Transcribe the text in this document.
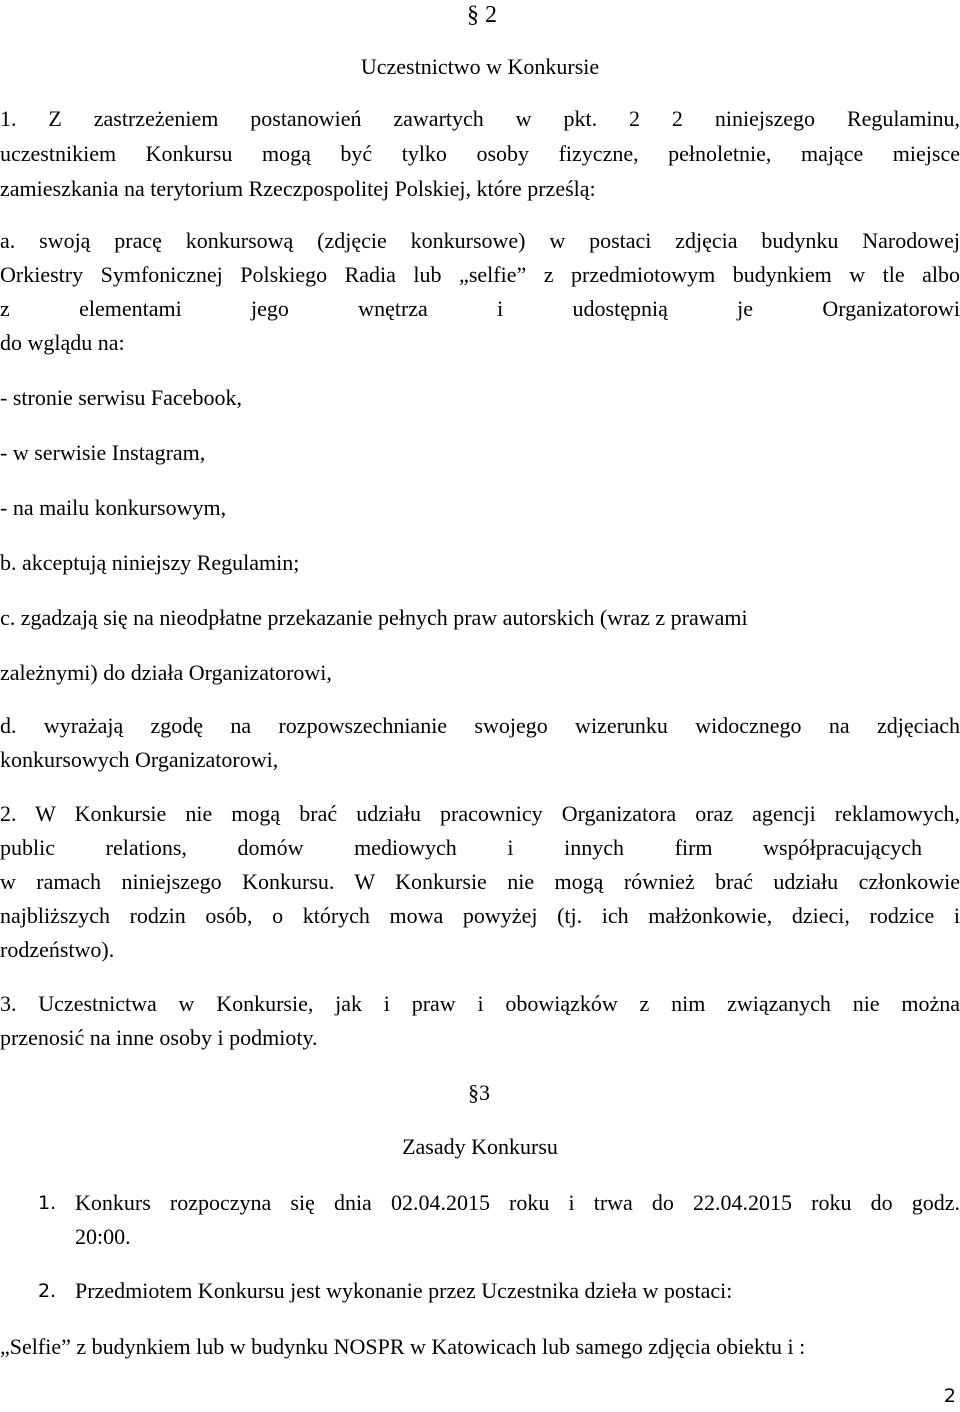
§ 2

Uczestnictwo w Konkursie

1. Z zastrzeżeniem postanowień zawartych w pkt. 2 2 niniejszego Regulaminu,

uczestnikiem Konkursu mogą być tylko osoby fizyczne, pełnoletnie, mające miejsce

zamieszkania na terytorium Rzeczpospolitej Polskiej, które prześlą:

a. swoją pracę konkursową (zdjęcie konkursowe) w postaci zdjęcia budynku Narodowej

Orkiestry Symfonicznej Polskiego Radia lub „selfie” z przedmiotowym budynkiem w tle albo

z elementami jego wnętrza i udostępnią je Organizatorowi

do wglądu na:

- stronie serwisu Facebook,

- w serwisie Instagram,

- na mailu konkursowym,

b. akceptują niniejszy Regulamin;

c. zgadzają się na nieodpłatne przekazanie pełnych praw autorskich (wraz z prawami

zależnymi) do działa Organizatorowi,

d. wyrażają zgodę na rozpowszechnianie swojego wizerunku widocznego na zdjęciach

konkursowych Organizatorowi,

2. W Konkursie nie mogą brać udziału pracownicy Organizatora oraz agencji reklamowych,

public relations, domów mediowych i innych firm współpracujących

w ramach niniejszego Konkursu. W Konkursie nie mogą również brać udziału członkowie

najbliższych rodzin osób, o których mowa powyżej (tj. ich małżonkowie, dzieci, rodzice i

rodzeństwo).

3. Uczestnictwa w Konkursie, jak i praw i obowiązków z nim związanych nie można

przenosić na inne osoby i podmioty.

§3

Zasady Konkursu

1. Konkurs rozpoczyna się dnia 02.04.2015 roku i trwa do 22.04.2015 roku do godz.
20:00.
2. Przedmiotem Konkursu jest wykonanie przez Uczestnika dzieła w postaci:

„Selfie” z budynkiem lub w budynku NOSPR w Katowicach lub samego zdjęcia obiektu i :

2
